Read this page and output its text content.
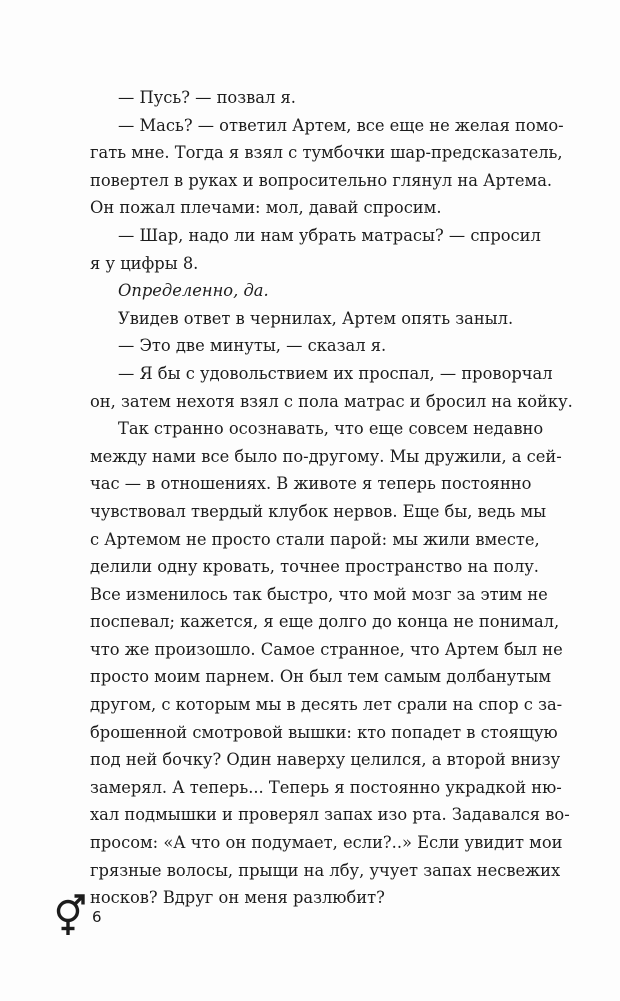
— Пусь? — позвал я.
— Мась? — ответил Артем, все еще не желая помо-
гать мне. Тогда я взял с тумбочки шар-предсказатель,
повертел в руках и вопросительно глянул на Артема.
Он пожал плечами: мол, давай спросим.
— Шар, надо ли нам убрать матрасы? — спросил
я у цифры 8.
Определенно, да.
Увидев ответ в чернилах, Артем опять заныл.
— Это две минуты, — сказал я.
— Я бы с удовольствием их проспал, — проворчал
он, затем нехотя взял с пола матрас и бросил на койку.
Так странно осознавать, что еще совсем недавно
между нами все было по-другому. Мы дружили, а сей-
час — в отношениях. В животе я теперь постоянно
чувствовал твердый клубок нервов. Еще бы, ведь мы
с Артемом не просто стали парой: мы жили вместе,
делили одну кровать, точнее пространство на полу.
Все изменилось так быстро, что мой мозг за этим не
поспевал; кажется, я еще долго до конца не понимал,
что же произошло. Самое странное, что Артем был не
просто моим парнем. Он был тем самым долбанутым
другом, с которым мы в десять лет срали на спор с за-
брошенной смотровой вышки: кто попадет в стоящую
под ней бочку? Один наверху целился, а второй внизу
замерял. А теперь... Теперь я постоянно украдкой ню-
хал подмышки и проверял запах изо рта. Задавался во-
просом: «А что он подумает, если?..» Если увидит мои
грязные волосы, прыщи на лбу, учует запах несвежих
носков? Вдруг он меня разлюбит?
6
